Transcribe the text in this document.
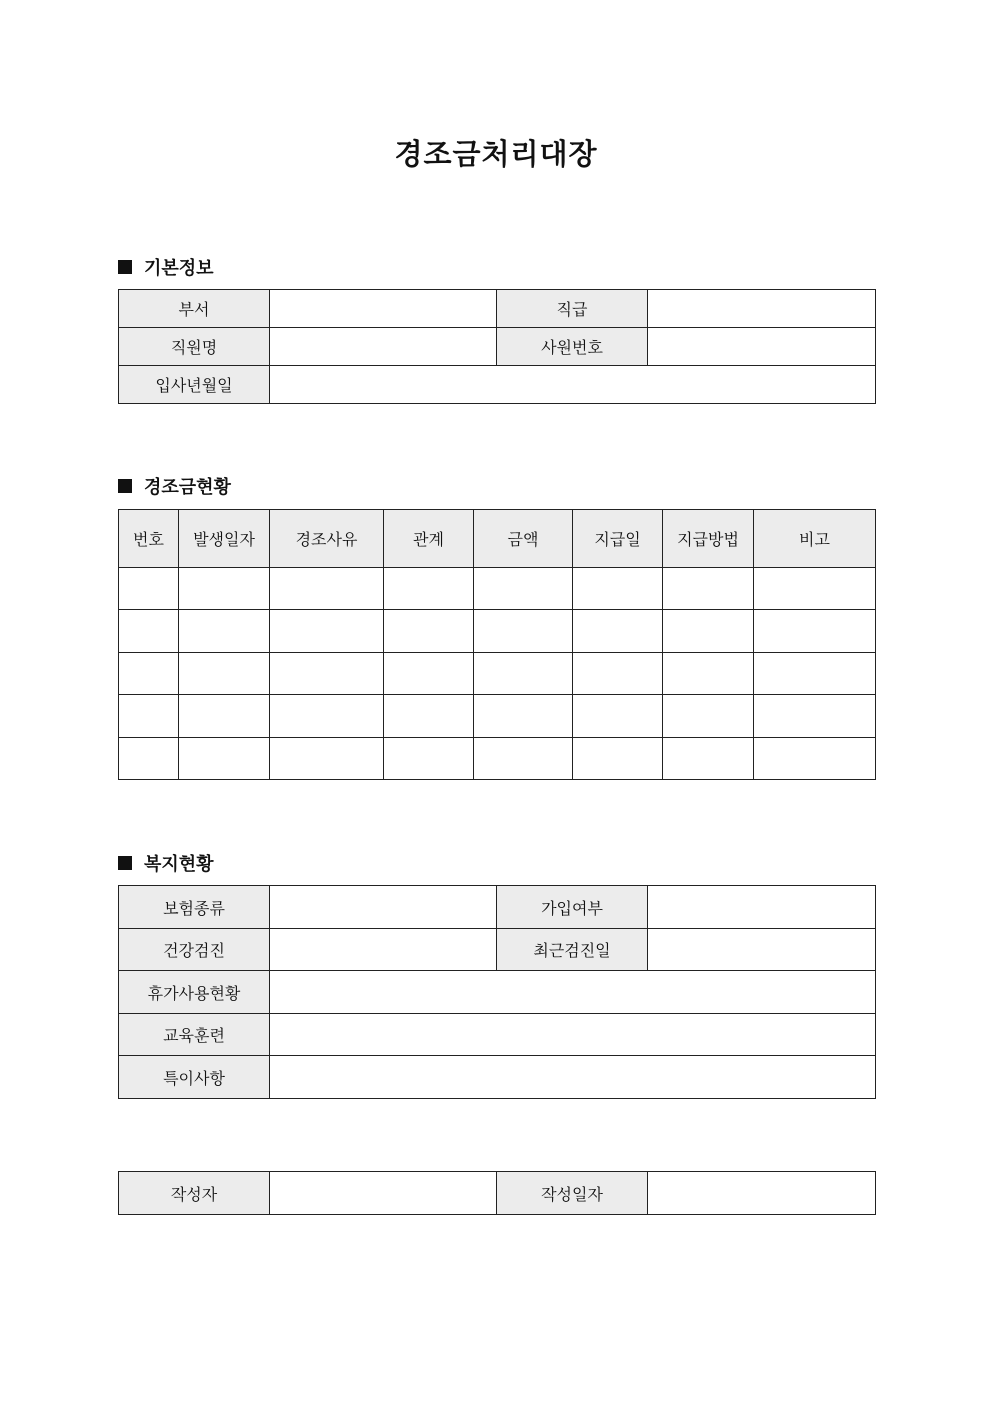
경조금처리대장
기본정보
부서		직급	
직원명		사원번호	
입사년월일			
경조금현황
번호	발생일자	경조사유	관계	금액	지급일	지급방법	비고

복지현황
보험종류		가입여부	
건강검진		최근검진일	
휴가사용현황			
교육훈련			
특이사항			
작성자		작성일자	
